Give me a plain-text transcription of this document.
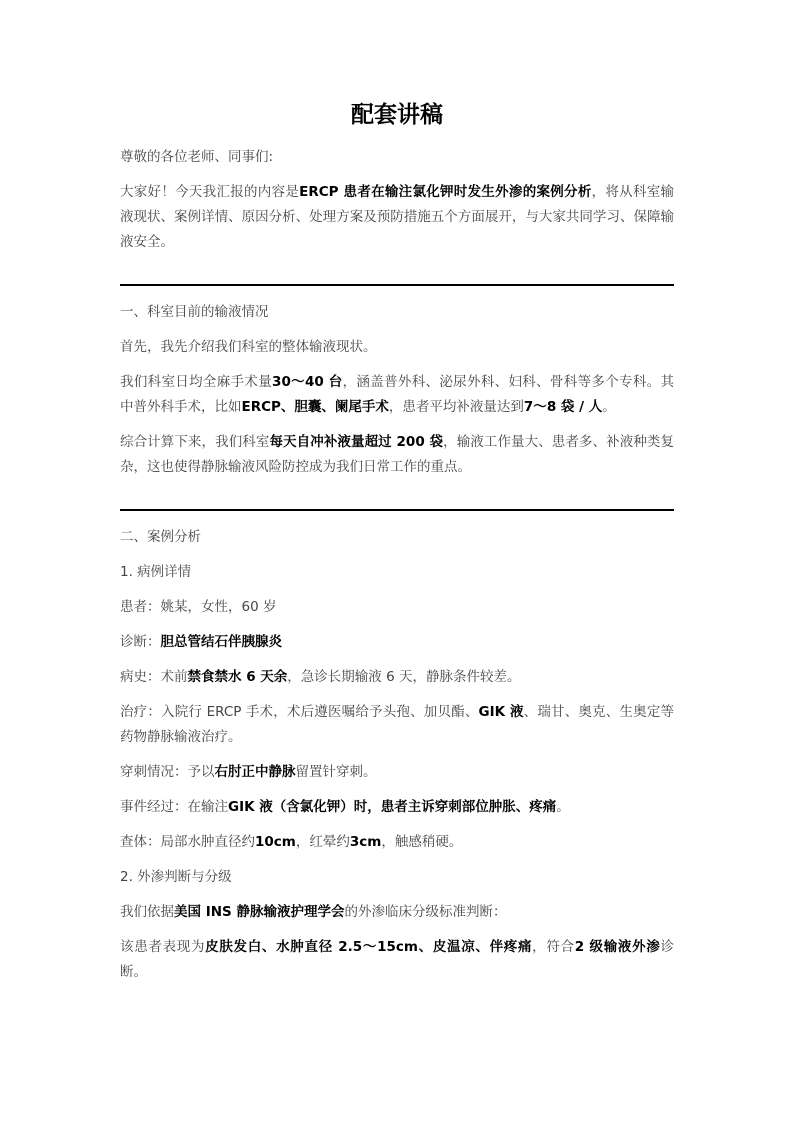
配套讲稿

尊敬的各位老师、同事们:

大家好！今天我汇报的内容是ERCP 患者在输注氯化钾时发生外渗的案例分析，将从科室输液现状、案例详情、原因分析、处理方案及预防措施五个方面展开，与大家共同学习、保障输液安全。

一、科室目前的输液情况

首先，我先介绍我们科室的整体输液现状。

我们科室日均全麻手术量30～40 台，涵盖普外科、泌尿外科、妇科、骨科等多个专科。其中普外科手术，比如ERCP、胆囊、阑尾手术，患者平均补液量达到7～8 袋 / 人。

综合计算下来，我们科室每天自冲补液量超过 200 袋，输液工作量大、患者多、补液种类复杂，这也使得静脉输液风险防控成为我们日常工作的重点。

二、案例分析

1. 病例详情

患者：姚某，女性，60 岁

诊断：胆总管结石伴胰腺炎

病史：术前禁食禁水 6 天余，急诊长期输液 6 天，静脉条件较差。

治疗：入院行 ERCP 手术，术后遵医嘱给予头孢、加贝酯、GIK 液、瑞甘、奥克、生奥定等药物静脉输液治疗。

穿刺情况：予以右肘正中静脉留置针穿刺。

事件经过：在输注GIK 液（含氯化钾）时，患者主诉穿刺部位肿胀、疼痛。

查体：局部水肿直径约10cm，红晕约3cm，触感稍硬。

2. 外渗判断与分级

我们依据美国 INS 静脉输液护理学会的外渗临床分级标准判断：

该患者表现为皮肤发白、水肿直径 2.5～15cm、皮温凉、伴疼痛，符合2 级输液外渗诊断。
